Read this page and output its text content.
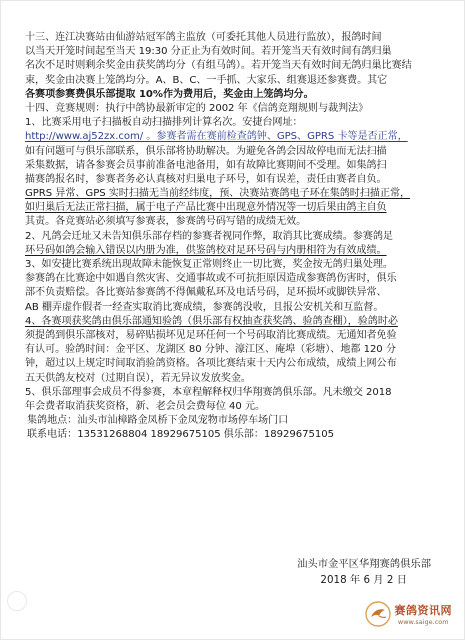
十三、连江决赛站由仙游站冠军鸽主监放（可委托其他人员进行监放），报鸽时间
以当天开笼时间起至当天 19:30 分正止为有效时间。若开笼当天有效时间有鸽归巢
名次不足时则剩余奖金由获奖鸽均分（有组马鸽）。若开笼当天有效时间无鸽归巢比赛结
束，奖金由决赛上笼鸽均分。A、B、C、一手抓、大家乐、组赛退还参赛费。其它
各赛项参赛费俱乐部提取 10%作为费用后，奖金由上笼鸽均分。
十四、竞赛规则：执行中鸽协最新审定的 2002 年《信鸽竞翔规则与裁判法》
1、比赛采用电子扫描板自动扫描排列计算名次。安捷台网址：
http://www.aj52zx.com/ 。参赛者需在赛前检查鸽钟、GPS、GPRS 卡等是否正常，
如有问题可与俱乐部联系，俱乐部将协助解决。为避免各鸽会因故停电而无法扫描
采集数据，请各参赛会员事前准备电池备用，如有故障比赛期间不受理。如集鸽扫
描赛鸽报名时，参赛者务必认真核对归巢电子环号，如有误差，责任由赛者自负。
GPRS 异常、GPS 实时扫描无当前经纬度，预、决赛站赛鸽电子环在集鸽时扫描正常，
如归巢后无法正常扫描，属于电子产品比赛中出现意外情况等一切后果由鸽主自负
其责。各竞赛站必须填写参赛表，参赛鸽号码写错的成绩无效。
2、凡鸽会迁址又未告知俱乐部存档的参赛者视同作弊，取消其比赛成绩。参赛鸽足
环号码如鸽会输入错误以内册为准，供鉴鸽校对足环号码与内册相符为有效成绩。
3、如安捷比赛系统出现故障未能恢复正常则终止一切比赛，奖金按无鸽归巢处理。
参赛鸽在比赛途中如遇自然灾害、交通事故或不可抗拒原因造成参赛鸽伤害时，俱乐
部不负责赔偿。各比赛站参赛鸽不得佩戴私环及电话号码，足环损坏或脚铁异常、
AB 棚弄虚作假者一经查实取消比赛成绩，参赛鸽没收，且报公安机关和互监督。
4、各赛项获奖鸽由俱乐部通知验鸽（俱乐部有权抽查获奖鸽、验鸽查棚），验鸽时必
须提鸽到俱乐部核对，易碎贴损坏见足环任何一个号码取消比赛成绩。无通知者免验
有认可。验鸽时间：金平区、龙湖区 80 分钟、濠江区、庵埠（彩塘）、地都 120 分
钟，超过以上规定时间取消验鸽资格。各项比赛结束十天内公布成绩，成绩上网公布
五天供鸽友校对（过期自误），若无异议发放奖金。
5、俱乐部理事会成员不得参赛，本章程解释权归华翔赛鸽俱乐部。凡未缴交 2018
年会费者取消获奖资格，新、老会员会费每位 40 元。
集鸽地点：汕头市汕樟路金凤桥下金凤宠物市场停车场门口
联系电话：13531268804 18929675105 俱乐部：18929675105
汕头市金平区华翔赛鸽俱乐部
2018 年 6 月 2 日
赛鸽资讯网
www.saige.com
